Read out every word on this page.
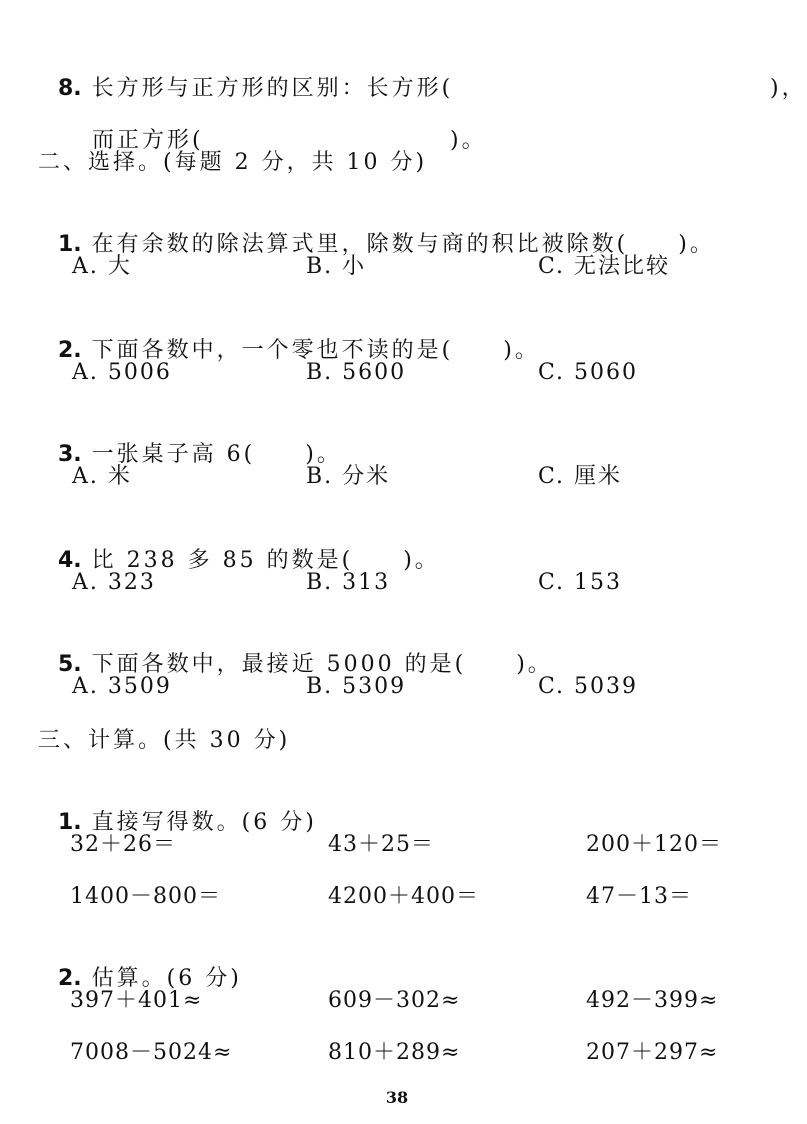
8. 长方形与正方形的区别：长方形(	)，

而正方形(	)。

二、选择。(每题 2 分，共 10 分)

1. 在有余数的除法算式里，除数与商的积比被除数(　　)。

A. 大	B. 小	C. 无法比较

2. 下面各数中，一个零也不读的是(　　)。

A. 5006	B. 5600	C. 5060

3. 一张桌子高 6(　　)。

A. 米	B. 分米	C. 厘米

4. 比 238 多 85 的数是(　　)。

A. 323	B. 313	C. 153

5. 下面各数中，最接近 5000 的是(　　)。

A. 3509	B. 5309	C. 5039
三、计算。(共 30 分)

1. 直接写得数。(6 分)

32＋26＝	43＋25＝	200＋120＝
1400－800＝	4200＋400＝	47－13＝

2. 估算。(6 分)

397＋401≈	609－302≈	492－399≈
7008－5024≈	810＋289≈	207＋297≈
38
